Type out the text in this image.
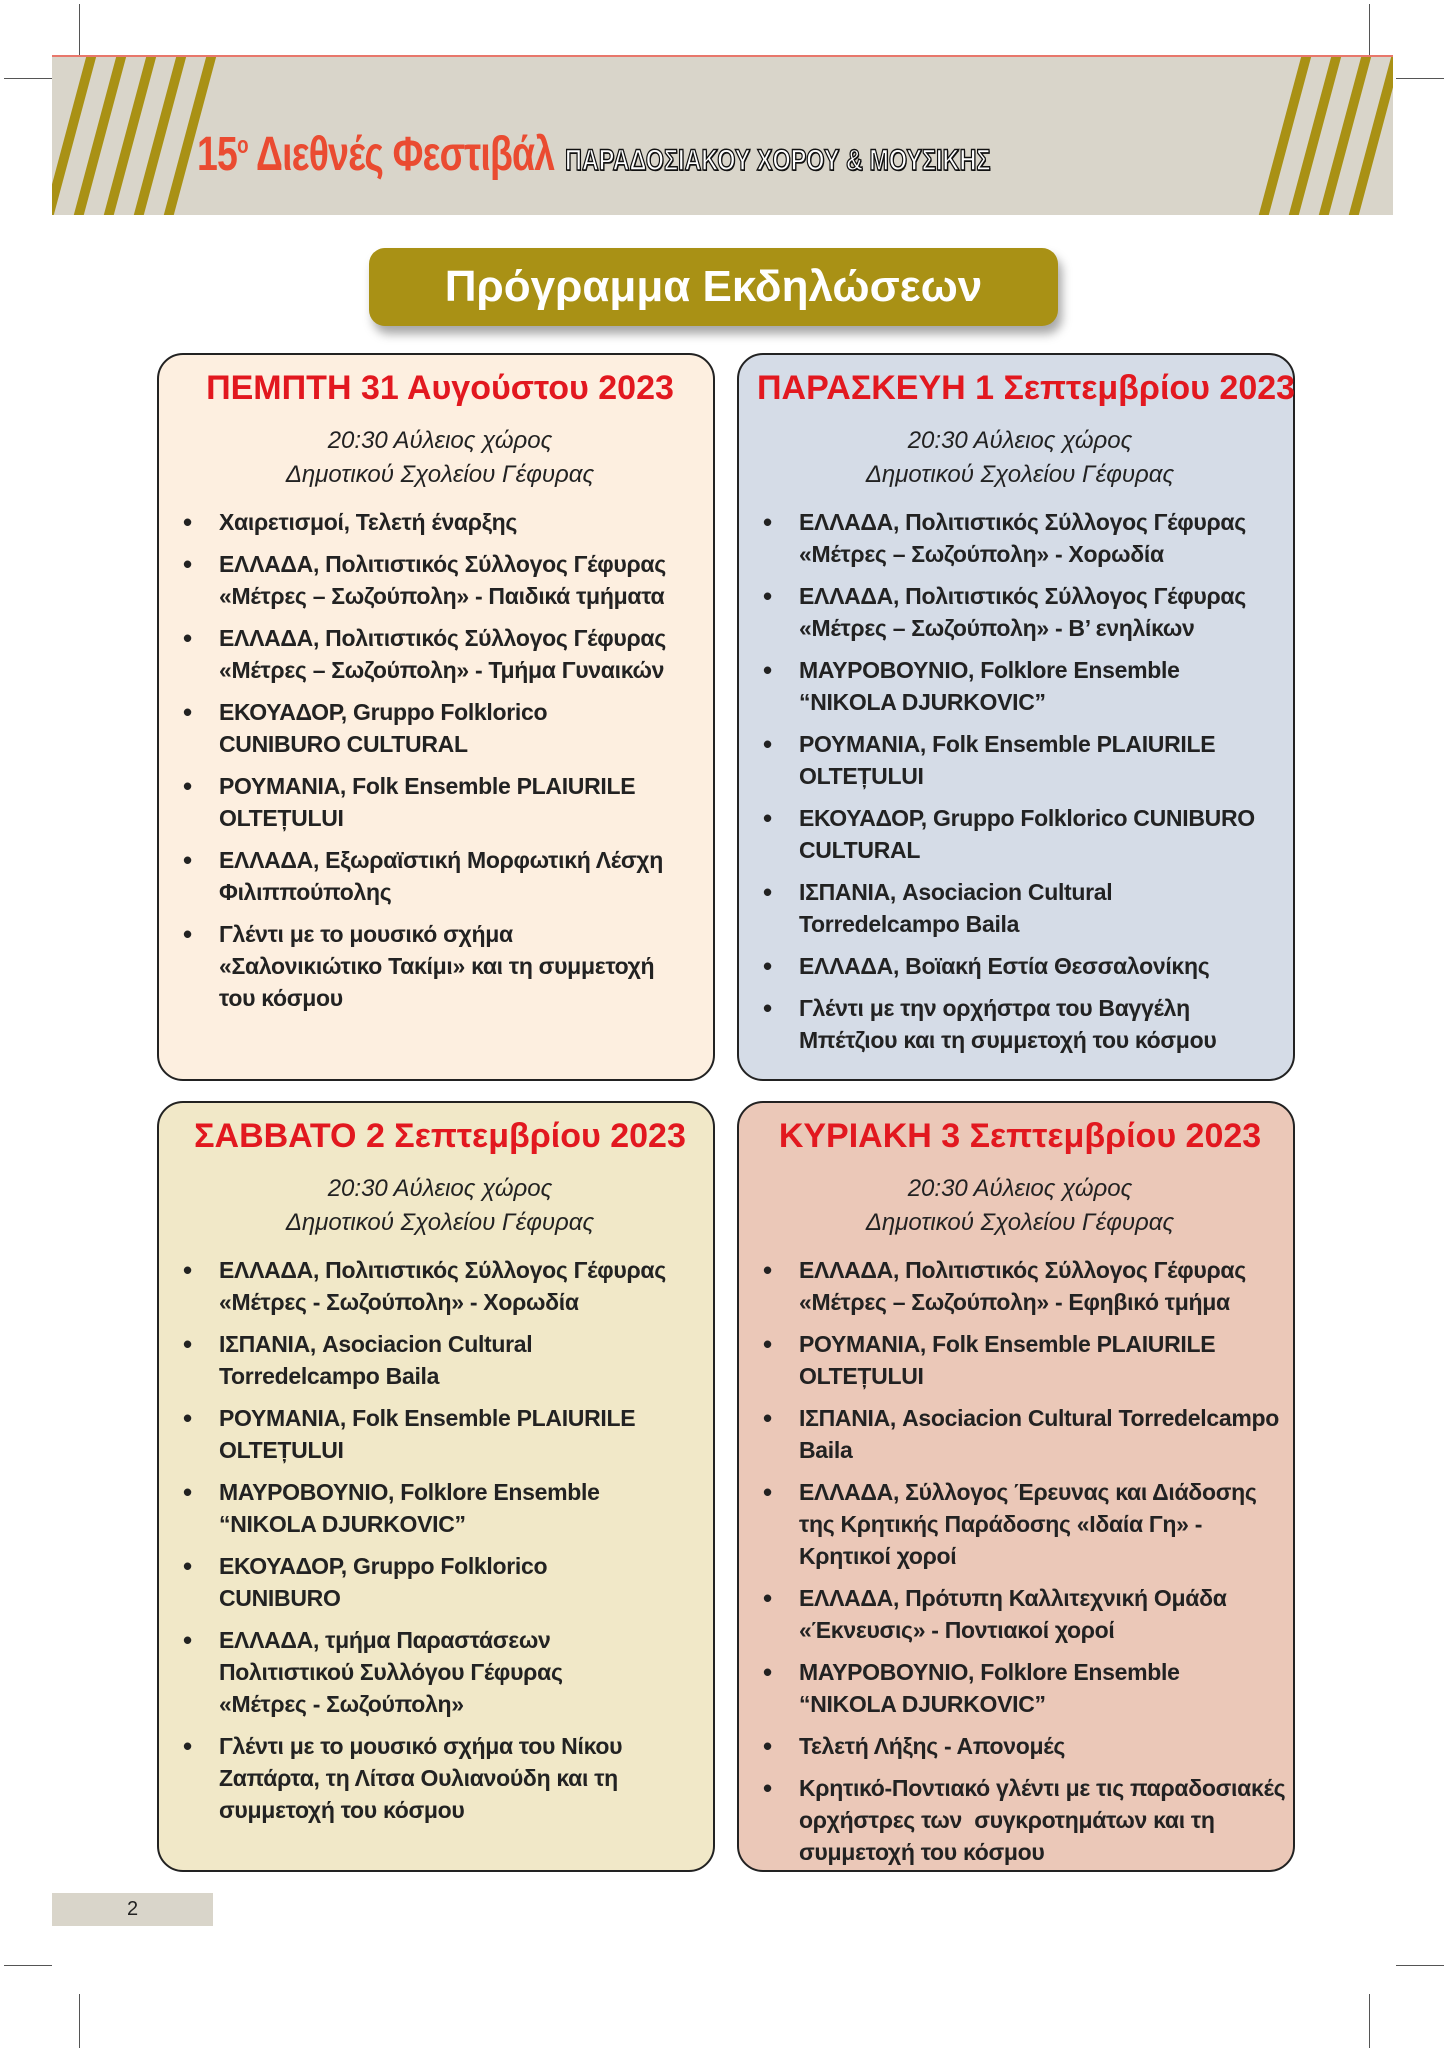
$15^o$ Διεθνές Φεστιβάλ ΠΑΡΑΔΟΣΙΑΚΟΥ ΧΟΡΟΥ & ΜΟΥΣΙΚΗΣ
Πρόγραμμα Εκδηλώσεων
ΠΕΜΠΤΗ 31 Αυγούστου 2023
20:30 Αύλειος χώρος
Δημοτικού Σχολείου Γέφυρας
• Χαιρετισμοί, Τελετή έναρξης
• ΕΛΛΑΔΑ, Πολιτιστικός Σύλλογος Γέφυρας
«Μέτρες – Σωζούπολη» - Παιδικά τμήματα
• ΕΛΛΑΔΑ, Πολιτιστικός Σύλλογος Γέφυρας
«Μέτρες – Σωζούπολη» - Τμήμα Γυναικών
• ΕΚΟΥΑΔΟΡ, Gruppo Folklorico
CUNIBURO CULTURAL
• ΡΟΥΜΑΝΙΑ, Folk Ensemble PLAIURILE
OLTEȚULUI
• ΕΛΛΑΔΑ, Εξωραϊστική Μορφωτική Λέσχη
Φιλιππούπολης
• Γλέντι με το μουσικό σχήμα
«Σαλονικιώτικο Τακίμι» και τη συμμετοχή
του κόσμου
ΠΑΡΑΣΚΕΥΗ 1 Σεπτεμβρίου 2023
20:30 Αύλειος χώρος
Δημοτικού Σχολείου Γέφυρας
• ΕΛΛΑΔΑ, Πολιτιστικός Σύλλογος Γέφυρας
«Μέτρες – Σωζούπολη» - Χορωδία
• ΕΛΛΑΔΑ, Πολιτιστικός Σύλλογος Γέφυρας
«Μέτρες – Σωζούπολη» - Β’ ενηλίκων
• ΜΑΥΡΟΒΟΥΝΙΟ, Folklore Ensemble
“NIKOLA DJURKOVIC”
• ΡΟΥΜΑΝΙΑ, Folk Ensemble PLAIURILE
OLTEȚULUI
• ΕΚΟΥΑΔΟΡ, Gruppo Folklorico CUNIBURO
CULTURAL
• ΙΣΠΑΝΙΑ, Asociacion Cultural
Torredelcampo Baila
• ΕΛΛΑΔΑ, Βοϊακή Εστία Θεσσαλονίκης
• Γλέντι με την ορχήστρα του Βαγγέλη
Μπέτζιου και τη συμμετοχή του κόσμου
ΣΑΒΒΑΤΟ 2 Σεπτεμβρίου 2023
20:30 Αύλειος χώρος
Δημοτικού Σχολείου Γέφυρας
• ΕΛΛΑΔΑ, Πολιτιστικός Σύλλογος Γέφυρας
«Μέτρες - Σωζούπολη» - Χορωδία
• ΙΣΠΑΝΙΑ, Asociacion Cultural
Torredelcampo Baila
• ΡΟΥΜΑΝΙΑ, Folk Ensemble PLAIURILE
OLTEȚULUI
• ΜΑΥΡΟΒΟΥΝΙΟ, Folklore Ensemble
“NIKOLA DJURKOVIC”
• ΕΚΟΥΑΔΟΡ, Gruppo Folklorico
CUNIBURO
• ΕΛΛΑΔΑ, τμήμα Παραστάσεων
Πολιτιστικού Συλλόγου Γέφυρας
«Μέτρες - Σωζούπολη»
• Γλέντι με το μουσικό σχήμα του Νίκου
Ζαπάρτα, τη Λίτσα Ουλιανούδη και τη
συμμετοχή του κόσμου
ΚΥΡΙΑΚΗ 3 Σεπτεμβρίου 2023
20:30 Αύλειος χώρος
Δημοτικού Σχολείου Γέφυρας
• ΕΛΛΑΔΑ, Πολιτιστικός Σύλλογος Γέφυρας
«Μέτρες – Σωζούπολη» - Εφηβικό τμήμα
• ΡΟΥΜΑΝΙΑ, Folk Ensemble PLAIURILE
OLTEȚULUI
• ΙΣΠΑΝΙΑ, Asociacion Cultural Torredelcampo
Baila
• ΕΛΛΑΔΑ, Σύλλογος Έρευνας και Διάδοσης
της Κρητικής Παράδοσης «Ιδαία Γη» -
Κρητικοί χοροί
• ΕΛΛΑΔΑ, Πρότυπη Καλλιτεχνική Ομάδα
«Έκνευσις» - Ποντιακοί χοροί
• ΜΑΥΡΟΒΟΥΝΙΟ, Folklore Ensemble
“NIKOLA DJURKOVIC”
• Τελετή Λήξης - Απονομές
• Κρητικό-Ποντιακό γλέντι με τις παραδοσιακές
ορχήστρες των  συγκροτημάτων και τη
συμμετοχή του κόσμου
2
